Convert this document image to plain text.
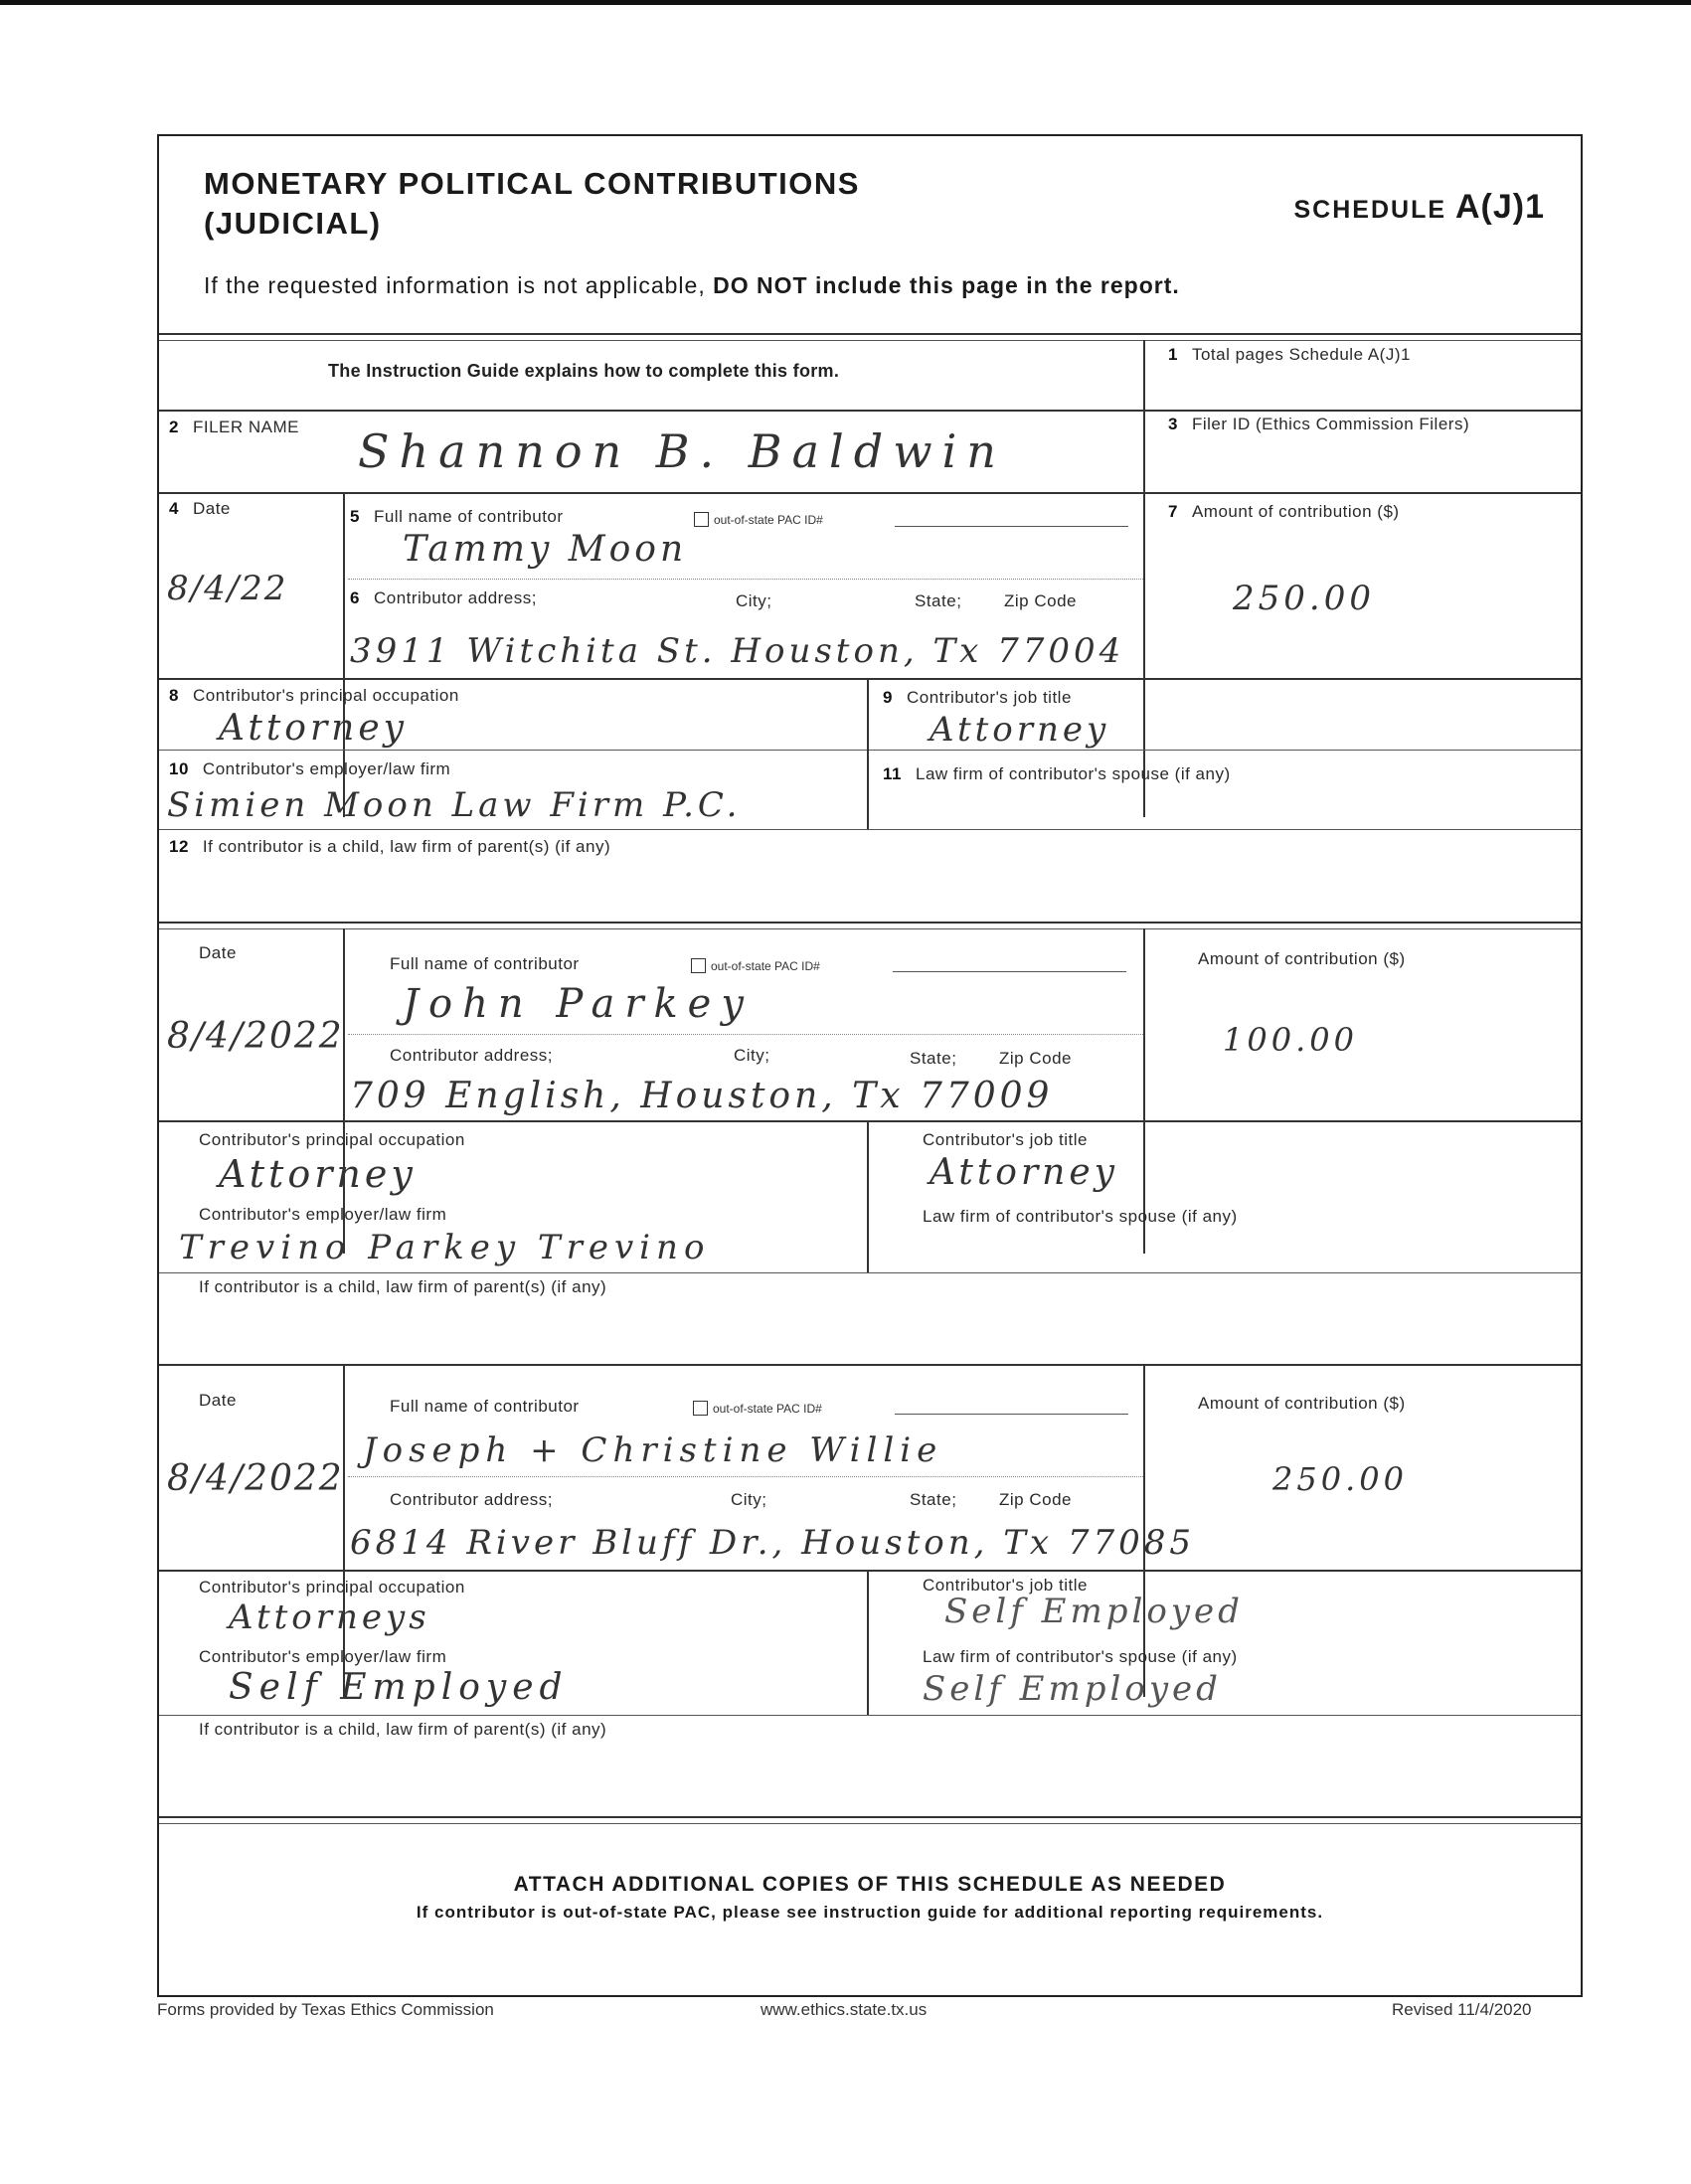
MONETARY POLITICAL CONTRIBUTIONS
(JUDICIAL)	SCHEDULE A(J)1
If the requested information is not applicable, DO NOT include this page in the report.
The Instruction Guide explains how to complete this form.
1 Total pages Schedule A(J)1
2 FILER NAME Shannon B. Baldwin
3 Filer ID (Ethics Commission Filers)
4 Date
8/4/22
5 Full name of contributor	out-of-state PAC ID#
Tammy Moon
6 Contributor address;	City;	State;	Zip Code
3911 Witchita St. Houston, Tx 77004
7 Amount of contribution ($)
250.00
8 Contributor's principal occupation
Attorney
9 Contributor's job title
Attorney
10 Contributor's employer/law firm
Simien Moon Law Firm P.C.
11 Law firm of contributor's spouse (if any)
12 If contributor is a child, law firm of parent(s) (if any)
Date
8/4/2022
Full name of contributor	out-of-state PAC ID#
John Parkey
Contributor address;	City;	State;	Zip Code
709 English, Houston, Tx 77009
Amount of contribution ($)
100.00
Contributor's principal occupation
Attorney
Contributor's job title
Attorney
Contributor's employer/law firm
Trevino Parkey Trevino
Law firm of contributor's spouse (if any)
If contributor is a child, law firm of parent(s) (if any)
Date
8/4/2022
Full name of contributor	out-of-state PAC ID#
Joseph + Christine Willie
Contributor address;	City;	State;	Zip Code
6814 River Bluff Dr., Houston, Tx 77085
Amount of contribution ($)
250.00
Contributor's principal occupation
Attorneys
Contributor's job title
Self Employed
Contributor's employer/law firm
Self Employed
Law firm of contributor's spouse (if any)
Self Employed
If contributor is a child, law firm of parent(s) (if any)
ATTACH ADDITIONAL COPIES OF THIS SCHEDULE AS NEEDED
If contributor is out-of-state PAC, please see instruction guide for additional reporting requirements.
Forms provided by Texas Ethics Commission	www.ethics.state.tx.us	Revised 11/4/2020
